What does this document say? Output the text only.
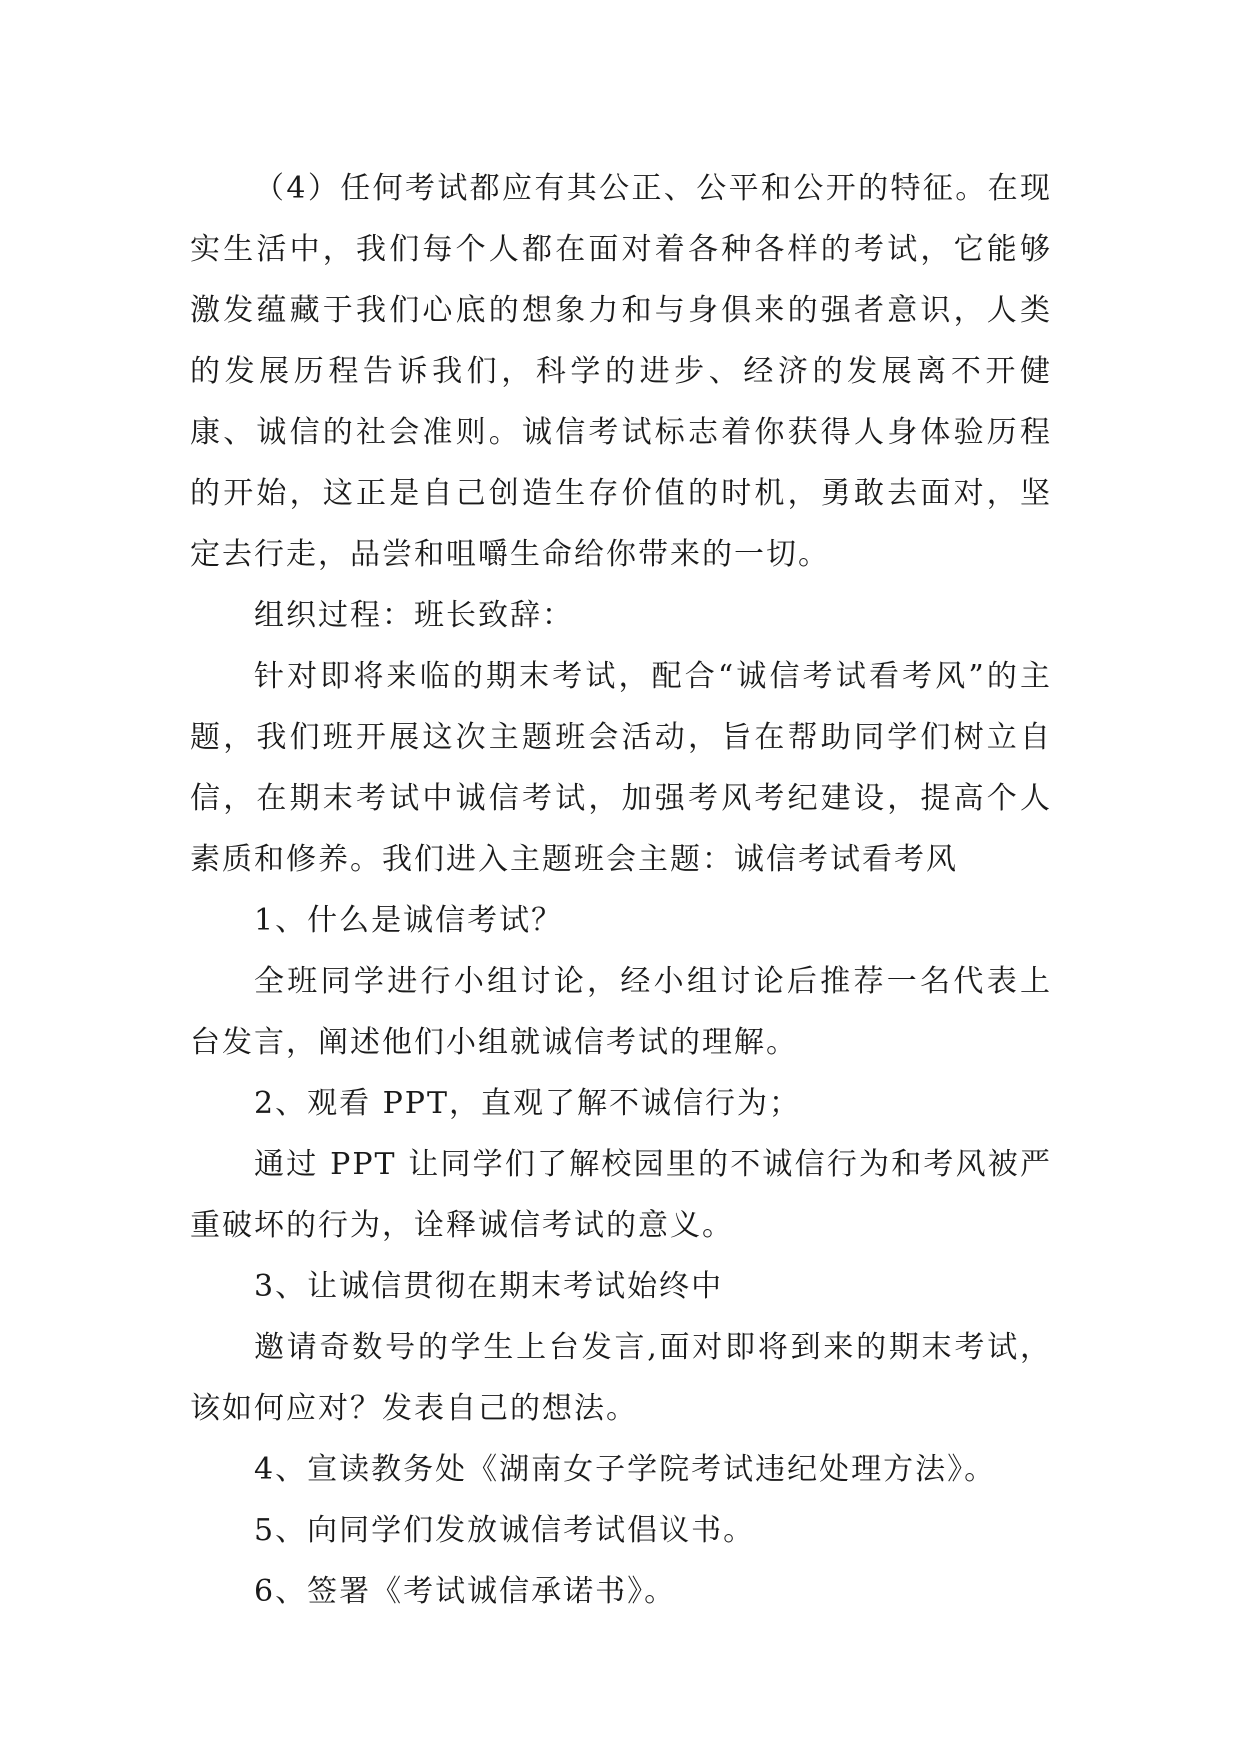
（4）任何考试都应有其公正、公平和公开的特征。在现实生活中，我们每个人都在面对着各种各样的考试，它能够激发蕴藏于我们心底的想象力和与身俱来的强者意识，人类的发展历程告诉我们，科学的进步、经济的发展离不开健康、诚信的社会准则。诚信考试标志着你获得人身体验历程的开始，这正是自己创造生存价值的时机，勇敢去面对，坚定去行走，品尝和咀嚼生命给你带来的一切。

组织过程：班长致辞：

针对即将来临的期末考试，配合“诚信考试看考风”的主题，我们班开展这次主题班会活动，旨在帮助同学们树立自信，在期末考试中诚信考试，加强考风考纪建设，提高个人素质和修养。我们进入主题班会主题：诚信考试看考风

1、什么是诚信考试？

全班同学进行小组讨论，经小组讨论后推荐一名代表上台发言，阐述他们小组就诚信考试的理解。

2、观看 PPT，直观了解不诚信行为；

通过 PPT 让同学们了解校园里的不诚信行为和考风被严重破坏的行为，诠释诚信考试的意义。

3、让诚信贯彻在期末考试始终中

邀请奇数号的学生上台发言,面对即将到来的期末考试，该如何应对？发表自己的想法。

4、宣读教务处《湖南女子学院考试违纪处理方法》。

5、向同学们发放诚信考试倡议书。

6、签署《考试诚信承诺书》。
